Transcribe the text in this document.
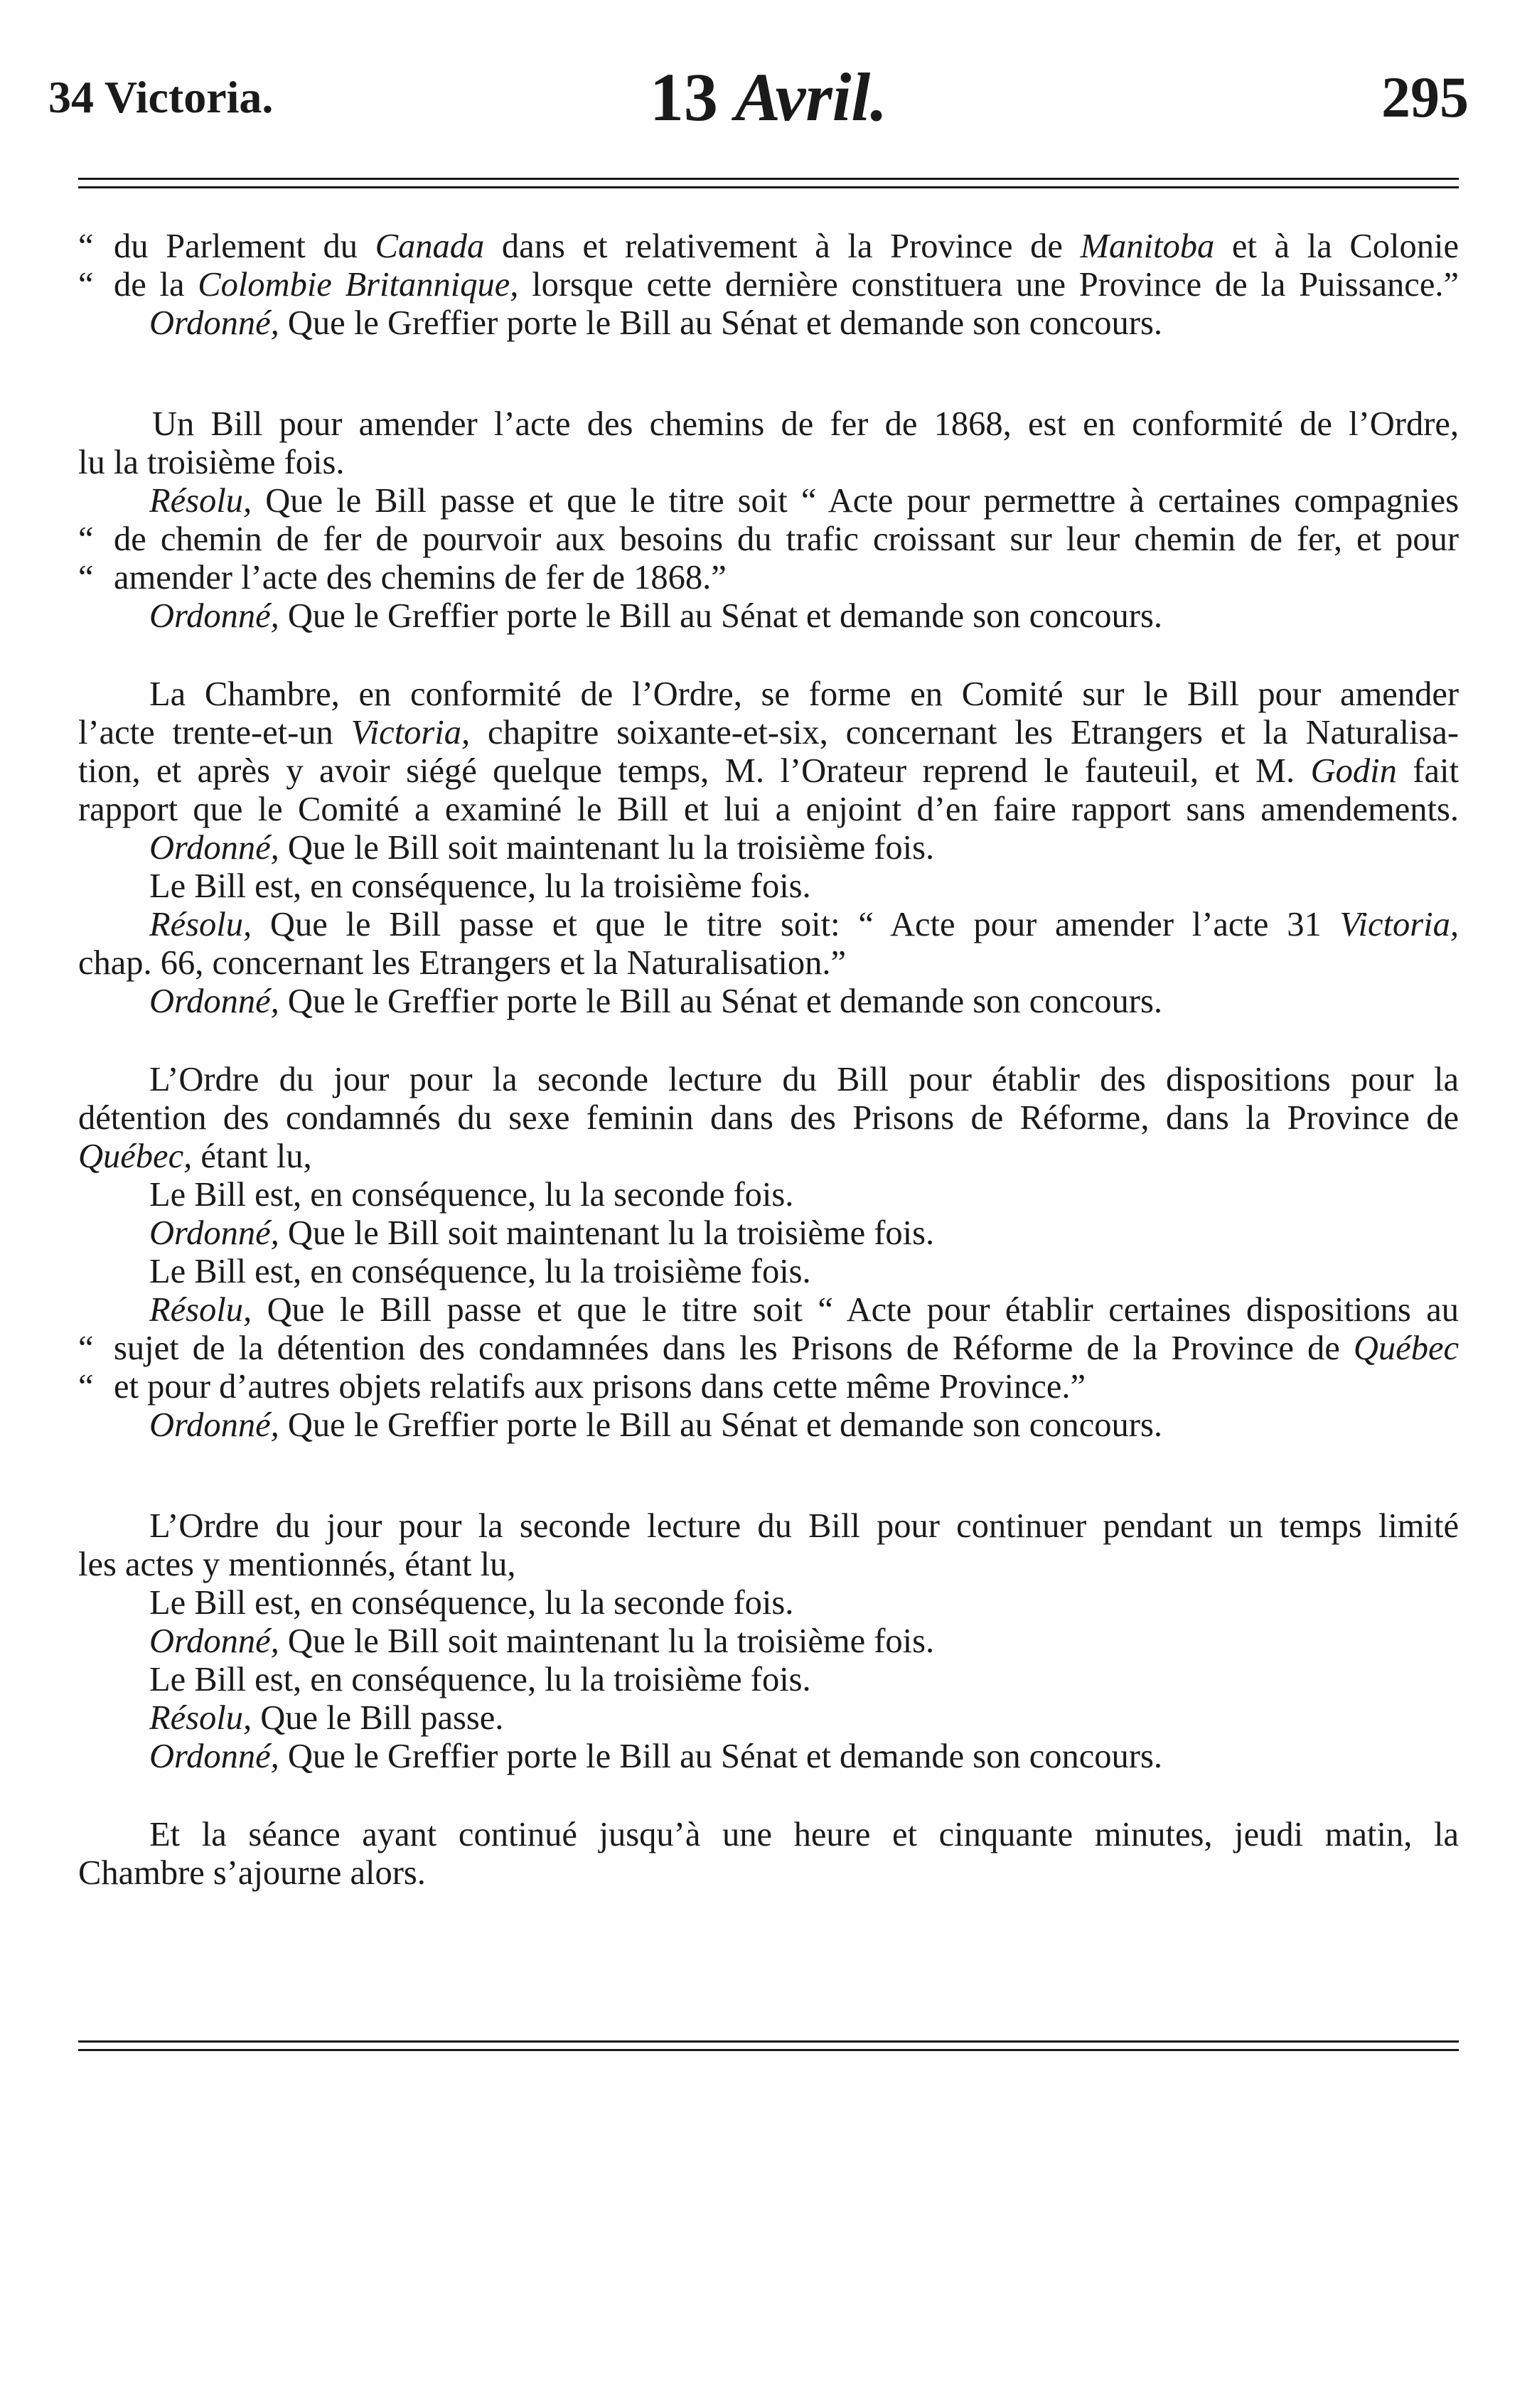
34 Victoria.	13 Avril.	295
“ du Parlement du Canada dans et relativement à la Province de Manitoba et à la Colonie
“ de la Colombie Britannique, lorsque cette dernière constituera une Province de la Puissance.”
Ordonné, Que le Greffier porte le Bill au Sénat et demande son concours.
Un Bill pour amender l’acte des chemins de fer de 1868, est en conformité de l’Ordre,
lu la troisième fois.
Résolu, Que le Bill passe et que le titre soit “ Acte pour permettre à certaines compagnies
“ de chemin de fer de pourvoir aux besoins du trafic croissant sur leur chemin de fer, et pour
“ amender l’acte des chemins de fer de 1868.”
Ordonné, Que le Greffier porte le Bill au Sénat et demande son concours.
La Chambre, en conformité de l’Ordre, se forme en Comité sur le Bill pour amender
l’acte trente-et-un Victoria, chapitre soixante-et-six, concernant les Etrangers et la Naturalisa-
tion, et après y avoir siégé quelque temps, M. l’Orateur reprend le fauteuil, et M. Godin fait
rapport que le Comité a examiné le Bill et lui a enjoint d’en faire rapport sans amendements.
Ordonné, Que le Bill soit maintenant lu la troisième fois.
Le Bill est, en conséquence, lu la troisième fois.
Résolu, Que le Bill passe et que le titre soit: “ Acte pour amender l’acte 31 Victoria,
chap. 66, concernant les Etrangers et la Naturalisation.”
Ordonné, Que le Greffier porte le Bill au Sénat et demande son concours.
L’Ordre du jour pour la seconde lecture du Bill pour établir des dispositions pour la
détention des condamnés du sexe feminin dans des Prisons de Réforme, dans la Province de
Québec, étant lu,
Le Bill est, en conséquence, lu la seconde fois.
Ordonné, Que le Bill soit maintenant lu la troisième fois.
Le Bill est, en conséquence, lu la troisième fois.
Résolu, Que le Bill passe et que le titre soit “ Acte pour établir certaines dispositions au
“ sujet de la détention des condamnées dans les Prisons de Réforme de la Province de Québec
“ et pour d’autres objets relatifs aux prisons dans cette même Province.”
Ordonné, Que le Greffier porte le Bill au Sénat et demande son concours.
L’Ordre du jour pour la seconde lecture du Bill pour continuer pendant un temps limité
les actes y mentionnés, étant lu,
Le Bill est, en conséquence, lu la seconde fois.
Ordonné, Que le Bill soit maintenant lu la troisième fois.
Le Bill est, en conséquence, lu la troisième fois.
Résolu, Que le Bill passe.
Ordonné, Que le Greffier porte le Bill au Sénat et demande son concours.
Et la séance ayant continué jusqu’à une heure et cinquante minutes, jeudi matin, la
Chambre s’ajourne alors.
